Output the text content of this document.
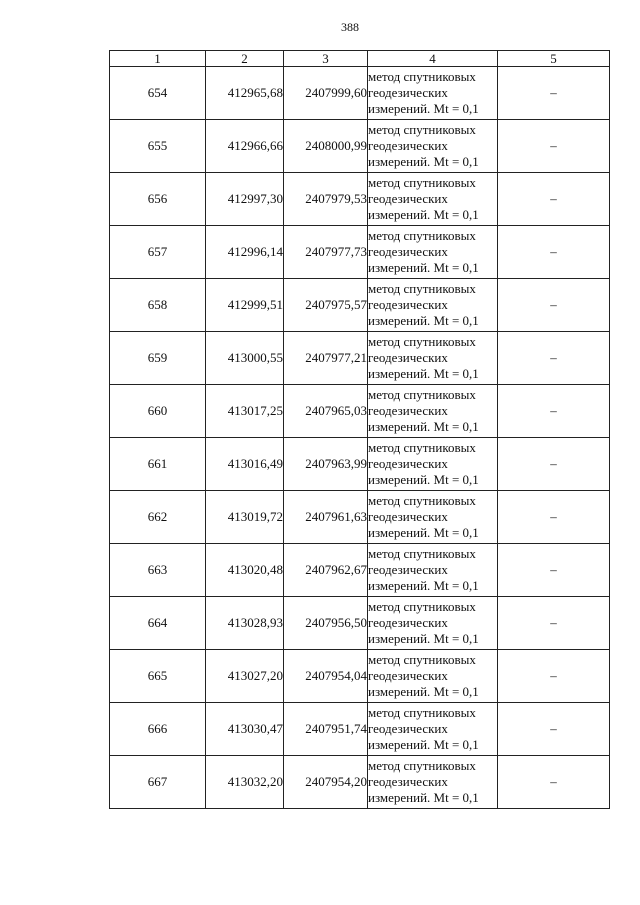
388
1	2	3	4	5
654	412965,68	2407999,60	метод спутниковых
геодезических
измерений. Mt = 0,1	–
655	412966,66	2408000,99	метод спутниковых
геодезических
измерений. Mt = 0,1	–
656	412997,30	2407979,53	метод спутниковых
геодезических
измерений. Mt = 0,1	–
657	412996,14	2407977,73	метод спутниковых
геодезических
измерений. Mt = 0,1	–
658	412999,51	2407975,57	метод спутниковых
геодезических
измерений. Mt = 0,1	–
659	413000,55	2407977,21	метод спутниковых
геодезических
измерений. Mt = 0,1	–
660	413017,25	2407965,03	метод спутниковых
геодезических
измерений. Mt = 0,1	–
661	413016,49	2407963,99	метод спутниковых
геодезических
измерений. Mt = 0,1	–
662	413019,72	2407961,63	метод спутниковых
геодезических
измерений. Mt = 0,1	–
663	413020,48	2407962,67	метод спутниковых
геодезических
измерений. Mt = 0,1	–
664	413028,93	2407956,50	метод спутниковых
геодезических
измерений. Mt = 0,1	–
665	413027,20	2407954,04	метод спутниковых
геодезических
измерений. Mt = 0,1	–
666	413030,47	2407951,74	метод спутниковых
геодезических
измерений. Mt = 0,1	–
667	413032,20	2407954,20	метод спутниковых
геодезических
измерений. Mt = 0,1	–
